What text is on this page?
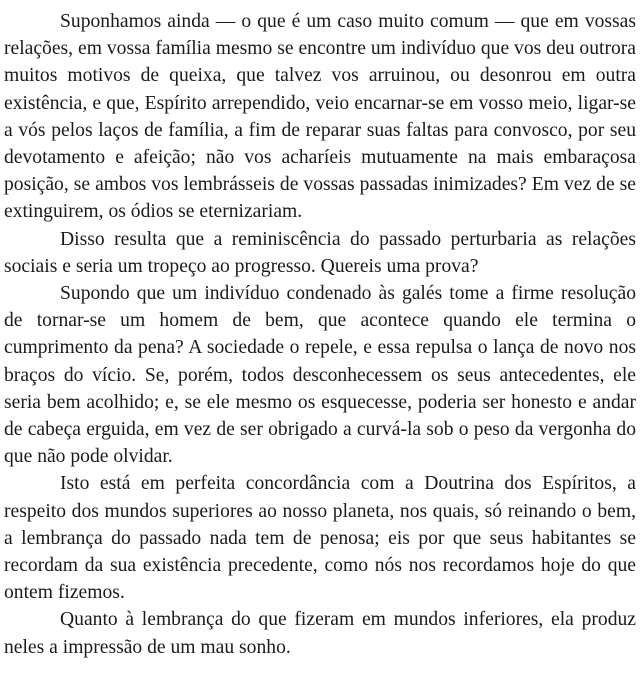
Suponhamos ainda — o que é um caso muito comum — que em vossas relações, em vossa família mesmo se encontre um indivíduo que vos deu outrora muitos motivos de queixa, que talvez vos arruinou, ou desonrou em outra existência, e que, Espírito arrependido, veio encarnar-se em vosso meio, ligar-se a vós pelos laços de família, a fim de reparar suas faltas para convosco, por seu devotamento e afeição; não vos acharíeis mutuamente na mais embaraçosa posição, se ambos vos lembrásseis de vossas passadas inimizades? Em vez de se extinguirem, os ódios se eternizariam.

Disso resulta que a reminiscência do passado perturbaria as relações sociais e seria um tropeço ao progresso. Quereis uma prova?

Supondo que um indivíduo condenado às galés tome a firme resolução de tornar-se um homem de bem, que acontece quando ele termina o cumprimento da pena? A sociedade o repele, e essa repulsa o lança de novo nos braços do vício. Se, porém, todos desconhecessem os seus antecedentes, ele seria bem acolhido; e, se ele mesmo os esquecesse, poderia ser honesto e andar de cabeça erguida, em vez de ser obrigado a curvá-la sob o peso da vergonha do que não pode olvidar.

Isto está em perfeita concordância com a Doutrina dos Espíritos, a respeito dos mundos superiores ao nosso planeta, nos quais, só reinando o bem, a lembrança do passado nada tem de penosa; eis por que seus habitantes se recordam da sua existência precedente, como nós nos recordamos hoje do que ontem fizemos.

Quanto à lembrança do que fizeram em mundos inferiores, ela produz neles a impressão de um mau sonho.
